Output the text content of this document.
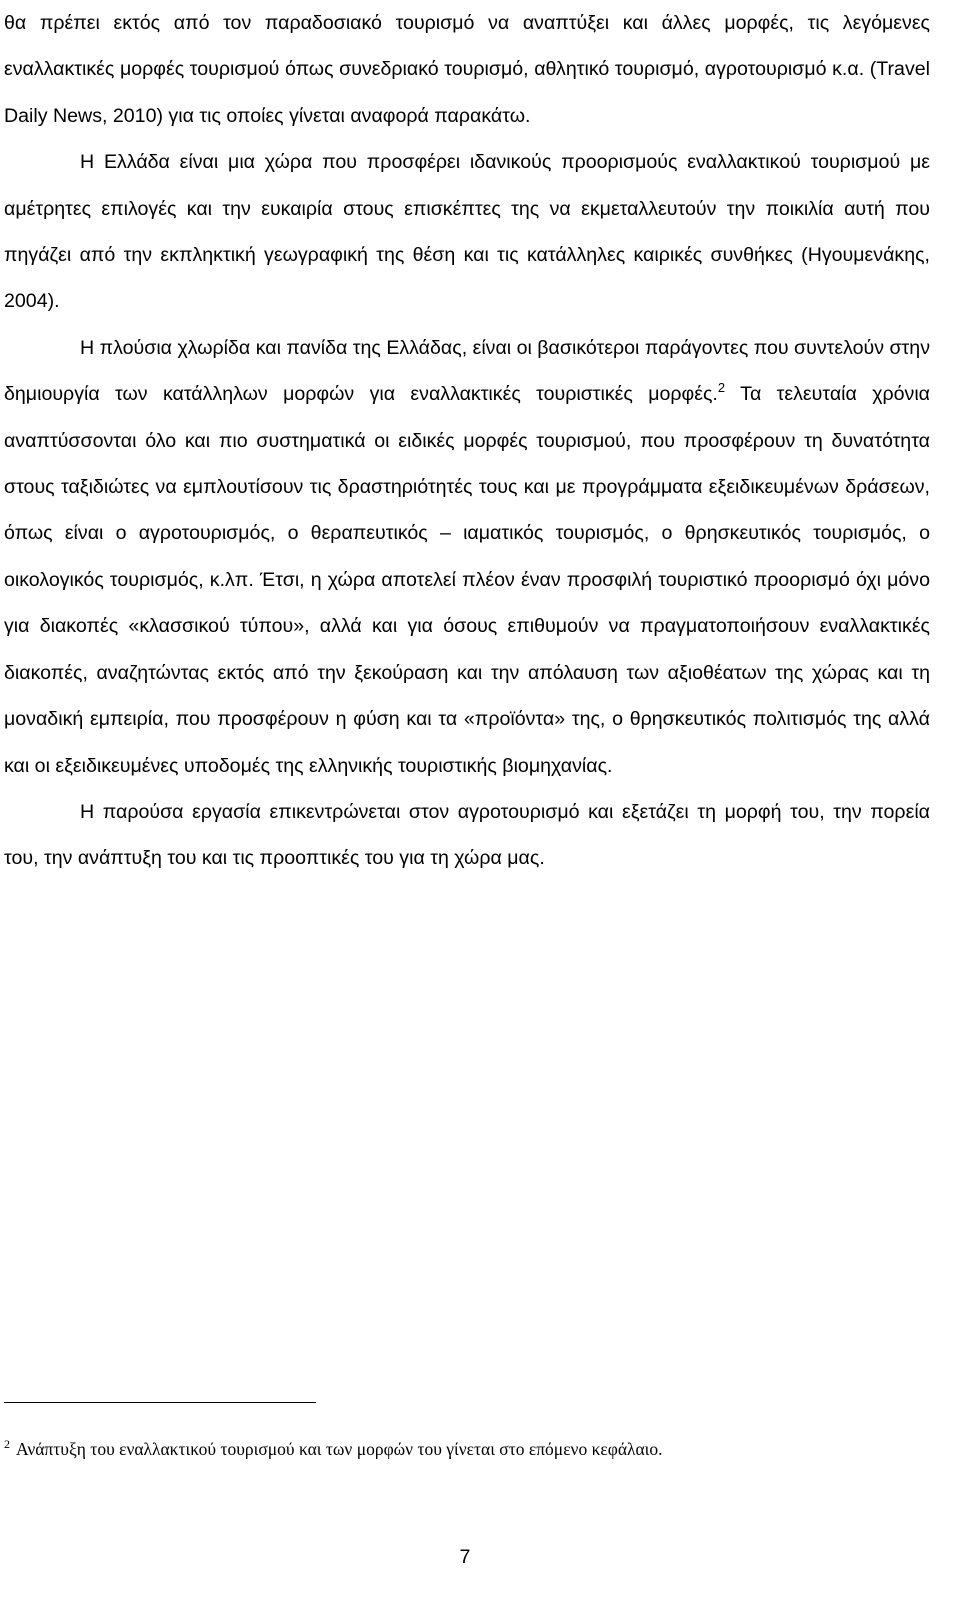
θα πρέπει εκτός από τον παραδοσιακό τουρισμό να αναπτύξει και άλλες μορφές, τις λεγόμενες εναλλακτικές μορφές τουρισμού όπως συνεδριακό τουρισμό, αθλητικό τουρισμό, αγροτουρισμό κ.α. (Travel Daily News, 2010) για τις οποίες γίνεται αναφορά παρακάτω.

Η Ελλάδα είναι μια χώρα που προσφέρει ιδανικούς προορισμούς εναλλακτικού τουρισμού με αμέτρητες επιλογές και την ευκαιρία στους επισκέπτες της να εκμεταλλευτούν την ποικιλία αυτή που πηγάζει από την εκπληκτική γεωγραφική της θέση και τις κατάλληλες καιρικές συνθήκες (Ηγουμενάκης, 2004).

Η πλούσια χλωρίδα και πανίδα της Ελλάδας, είναι οι βασικότεροι παράγοντες που συντελούν στην δημιουργία των κατάλληλων μορφών για εναλλακτικές τουριστικές μορφές.$^2$ Τα τελευταία χρόνια αναπτύσσονται όλο και πιο συστηματικά οι ειδικές μορφές τουρισμού, που προσφέρουν τη δυνατότητα στους ταξιδιώτες να εμπλουτίσουν τις δραστηριότητές τους και με προγράμματα εξειδικευμένων δράσεων, όπως είναι ο αγροτουρισμός, ο θεραπευτικός – ιαματικός τουρισμός, ο θρησκευτικός τουρισμός, ο οικολογικός τουρισμός, κ.λπ. Έτσι, η χώρα αποτελεί πλέον έναν προσφιλή τουριστικό προορισμό όχι μόνο για διακοπές «κλασσικού τύπου», αλλά και για όσους επιθυμούν να πραγματοποιήσουν εναλλακτικές διακοπές, αναζητώντας εκτός από την ξεκούραση και την απόλαυση των αξιοθέατων της χώρας και τη μοναδική εμπειρία, που προσφέρουν η φύση και τα «προϊόντα» της, ο θρησκευτικός πολιτισμός της αλλά και οι εξειδικευμένες υποδομές της ελληνικής τουριστικής βιομηχανίας.

Η παρούσα εργασία επικεντρώνεται στον αγροτουρισμό και εξετάζει τη μορφή του, την πορεία του, την ανάπτυξη του και τις προοπτικές του για τη χώρα μας.

$^2$ Ανάπτυξη του εναλλακτικού τουρισμού και των μορφών του γίνεται στο επόμενο κεφάλαιο.
7
